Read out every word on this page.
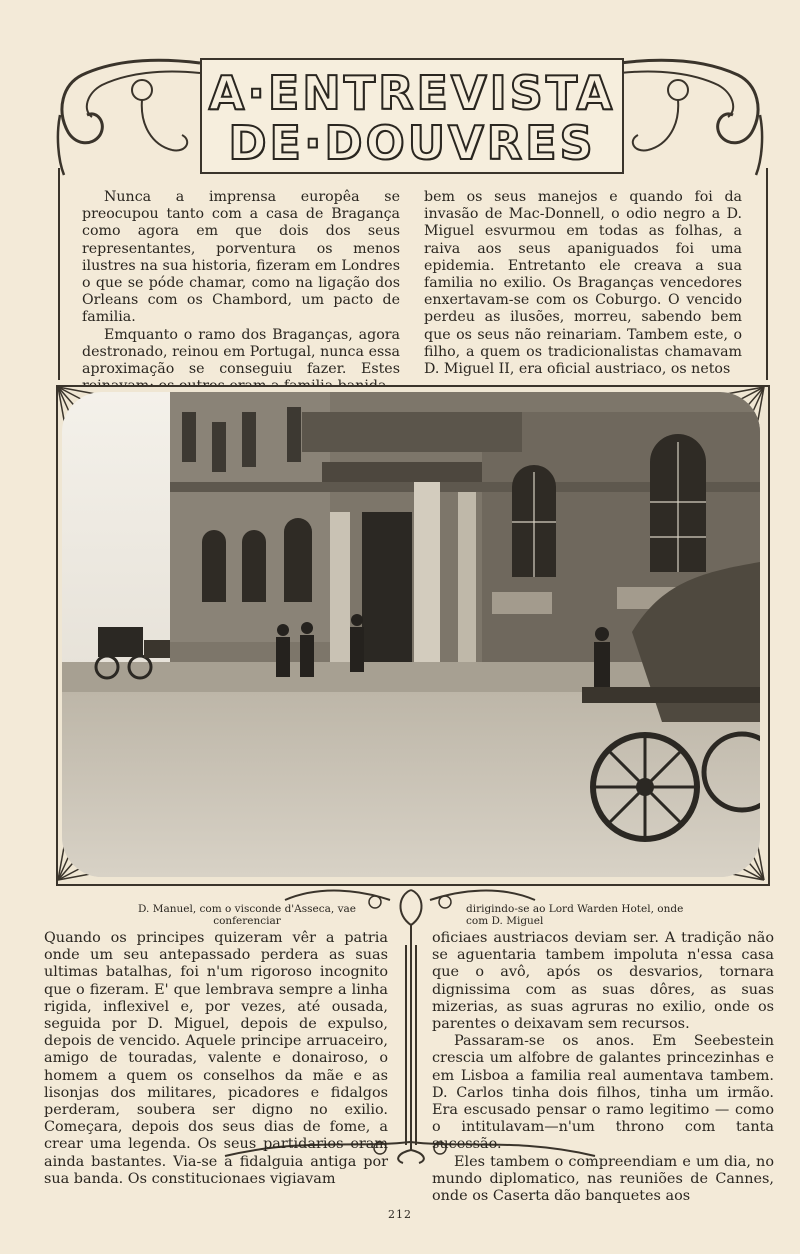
A·ENTREVISTA
DE·DOUVRES

Nunca a imprensa europêa se preocupou tanto com a casa de Bragança como agora em que dois dos seus representantes, porventura os menos ilustres na sua historia, fizeram em Londres o que se póde chamar, como na ligação dos Orleans com os Chambord, um pacto de familia.

Emquanto o ramo dos Braganças, agora destronado, reinou em Portugal, nunca essa aproximação se conseguiu fazer. Estes

bem os seus manejos e quando foi da invasão de Mac-Donnell, o odio negro a D. Miguel esvurmou em todas as folhas, a raiva aos seus apaniguados foi uma epidemia. Entretanto ele creava a sua familia no exilio. Os Braganças vencedores enxertavam-se com os Coburgo. O vencido perdeu as ilusões, morreu, sabendo bem que os seus não reinariam. Tambem este, o filho, a quem os tradicionalistas chamavam D. Miguel II, era oficial austriaco, os netos

D. Manuel, com o visconde d'Asseca, vae conferenciar
dirigindo-se ao Lord Warden Hotel, onde com D. Miguel

Quando os principes quizeram vêr a patria onde um seu antepassado perdera as suas ultimas batalhas, foi n'um rigoroso incognito que o fizeram. E' que lembrava sempre a linha rigida, inflexivel e, por vezes, até ousada, seguida por D. Miguel, depois de expulso, depois de vencido. Aquele principe arruaceiro, amigo de touradas, valente e donairoso, o homem a quem os conselhos da mãe e as lisonjas dos militares, picadores e fidalgos perderam, soubera ser digno no exilio. Começara, depois dos seus dias de fome, a crear uma legenda. Os seus partidarios eram ainda bastantes. Via-se a fidalguia antiga por sua banda. Os constitucionaes vigiavam

oficiaes austriacos deviam ser. A tradição não se aguentaria tambem impoluta n'essa casa que o avô, após os desvarios, tornara dignissima com as suas dôres, as suas mizerias, as suas agruras no exilio, onde os parentes o deixavam sem recursos.

Passaram-se os anos. Em Seebestein crescia um alfobre de galantes princezinhas e em Lisboa a familia real aumentava tambem. D. Carlos tinha dois filhos, tinha um irmão. Era escusado pensar o ramo legitimo — como o intitulavam—n'um throno com tanta sucessão.

Eles tambem o compreendiam e um dia, no mundo diplomatico, nas reuniões de Cannes, onde os Caserta dão banquetes aos

212
